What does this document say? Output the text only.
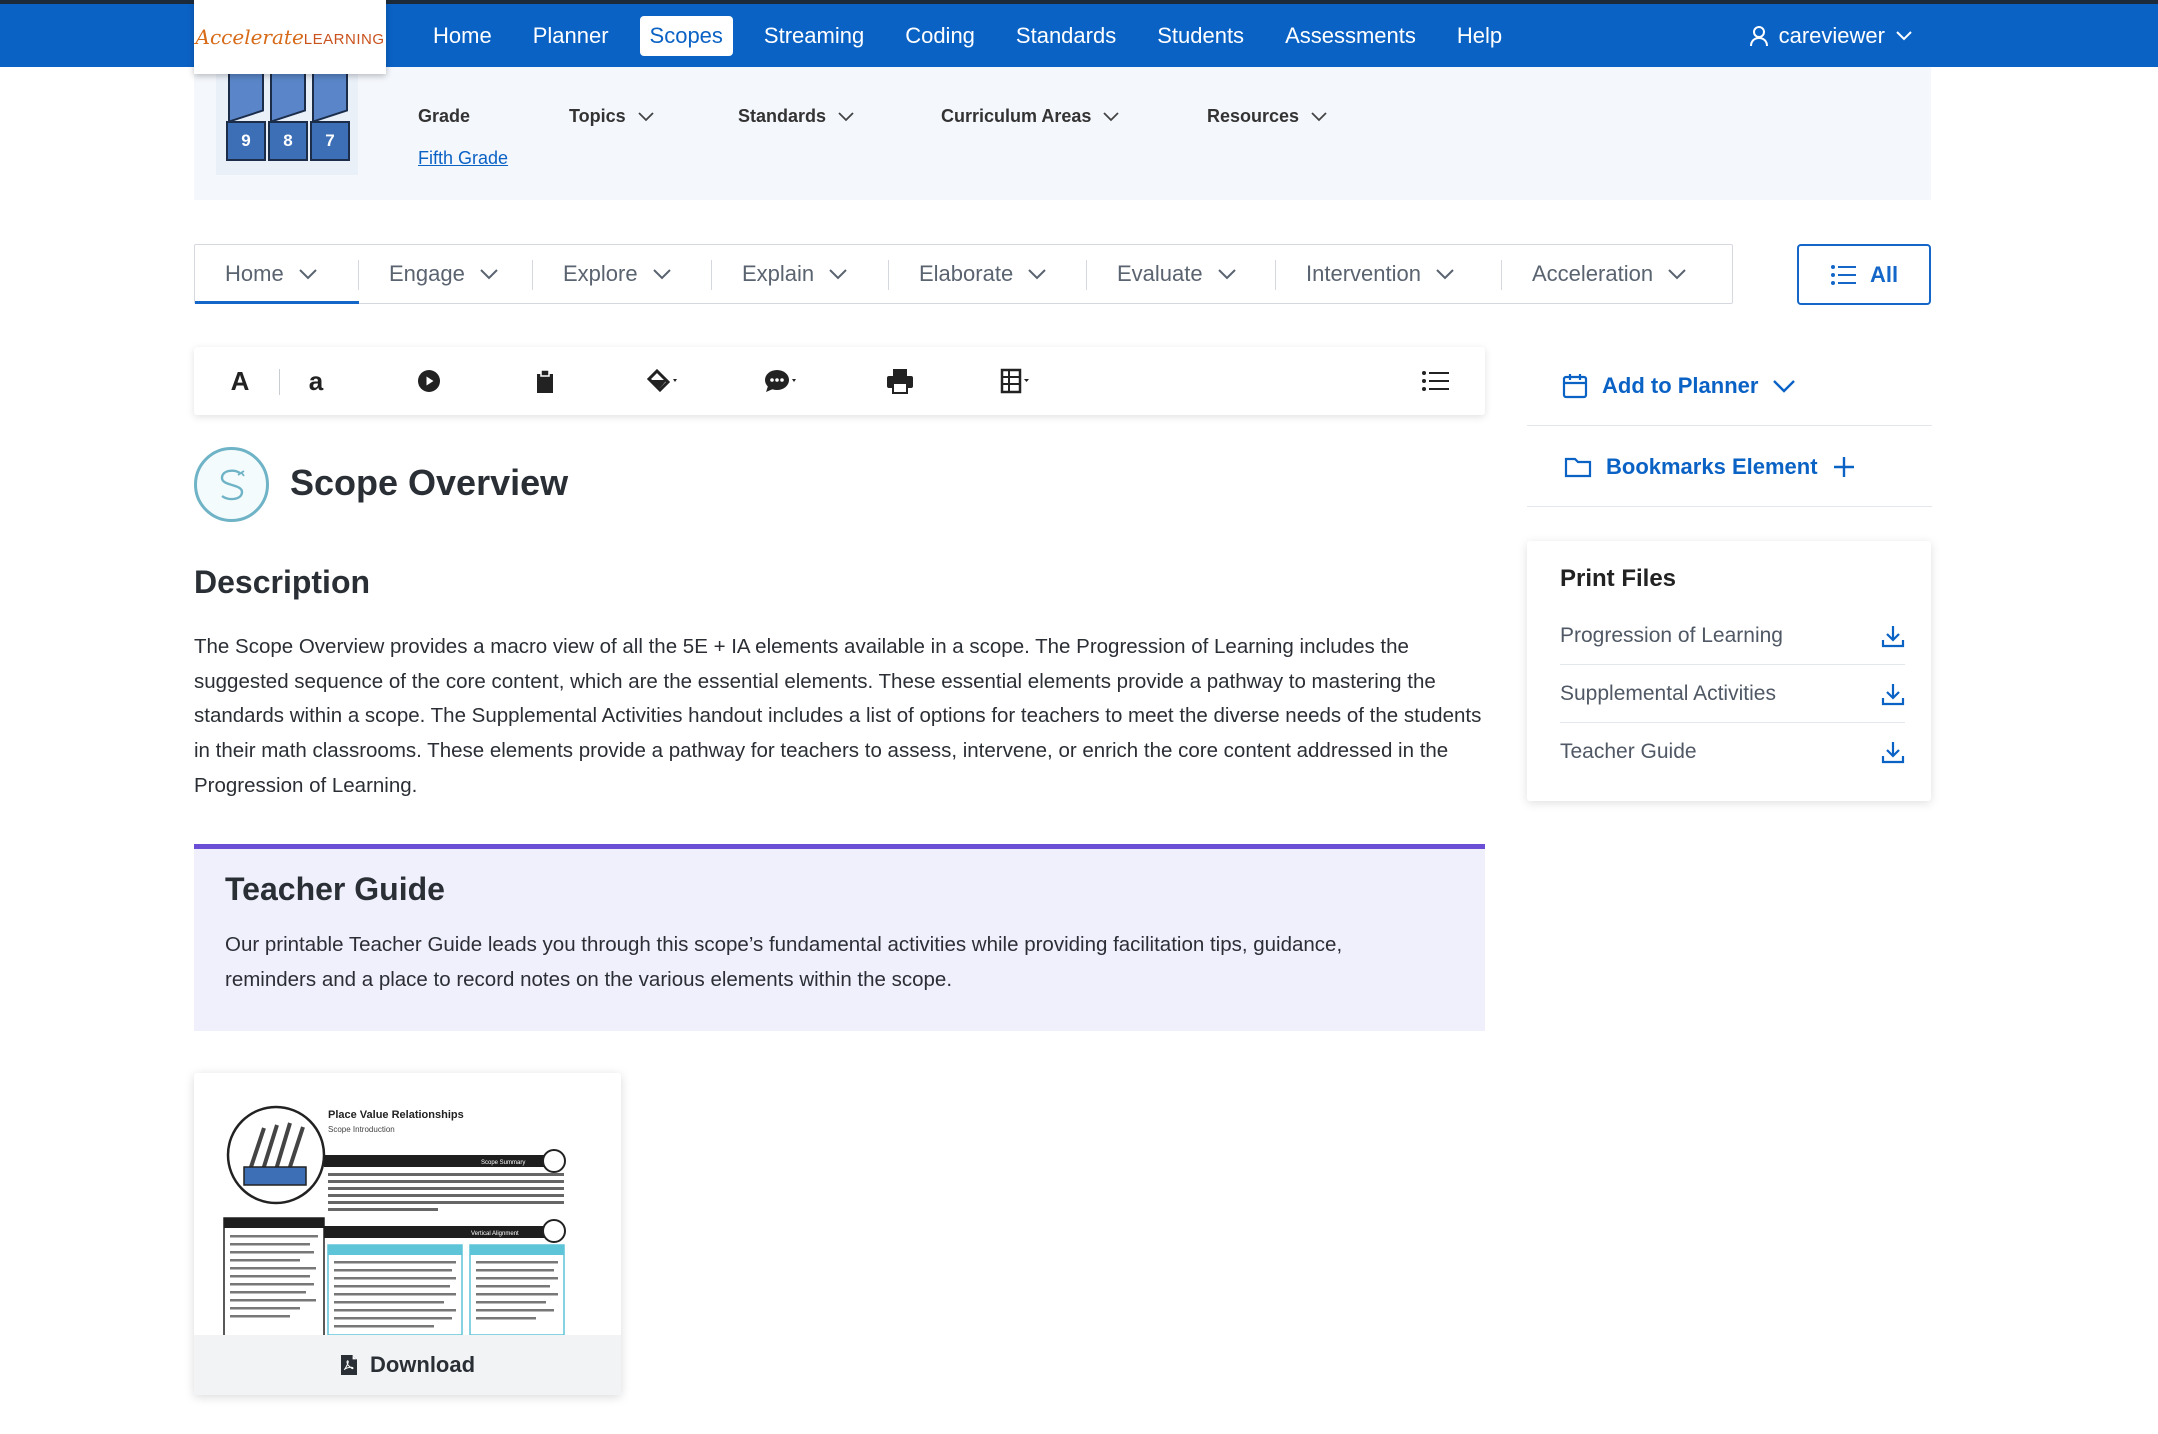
Home	Planner	Scopes	Streaming	Coding	Standards	Students	Assessments	Help	careviewer
AccelerateLEARNING
9	8	7
Grade
Fifth Grade
Topics	Standards	Curriculum Areas	Resources
Home	Engage	Explore	Explain	Elaborate	Evaluate	Intervention	Acceleration	All
A a	Add to Planner
Bookmarks Element
Print Files
Progression of Learning
Supplemental Activities
Teacher Guide
Scope Overview
Description

The Scope Overview provides a macro view of all the 5E + IA elements available in a scope. The Progression of Learning includes the suggested sequence of the core content, which are the essential elements. These essential elements provide a pathway to mastering the standards within a scope. The Supplemental Activities handout includes a list of options for teachers to meet the diverse needs of the students in their math classrooms. These elements provide a pathway for teachers to assess, intervene, or enrich the core content addressed in the Progression of Learning.

Teacher Guide

Our printable Teacher Guide leads you through this scope’s fundamental activities while providing facilitation tips, guidance, reminders and a place to record notes on the various elements within the scope.

Place Value Relationships
Scope Introduction
Scope Summary
Vertical Alignment
Download
